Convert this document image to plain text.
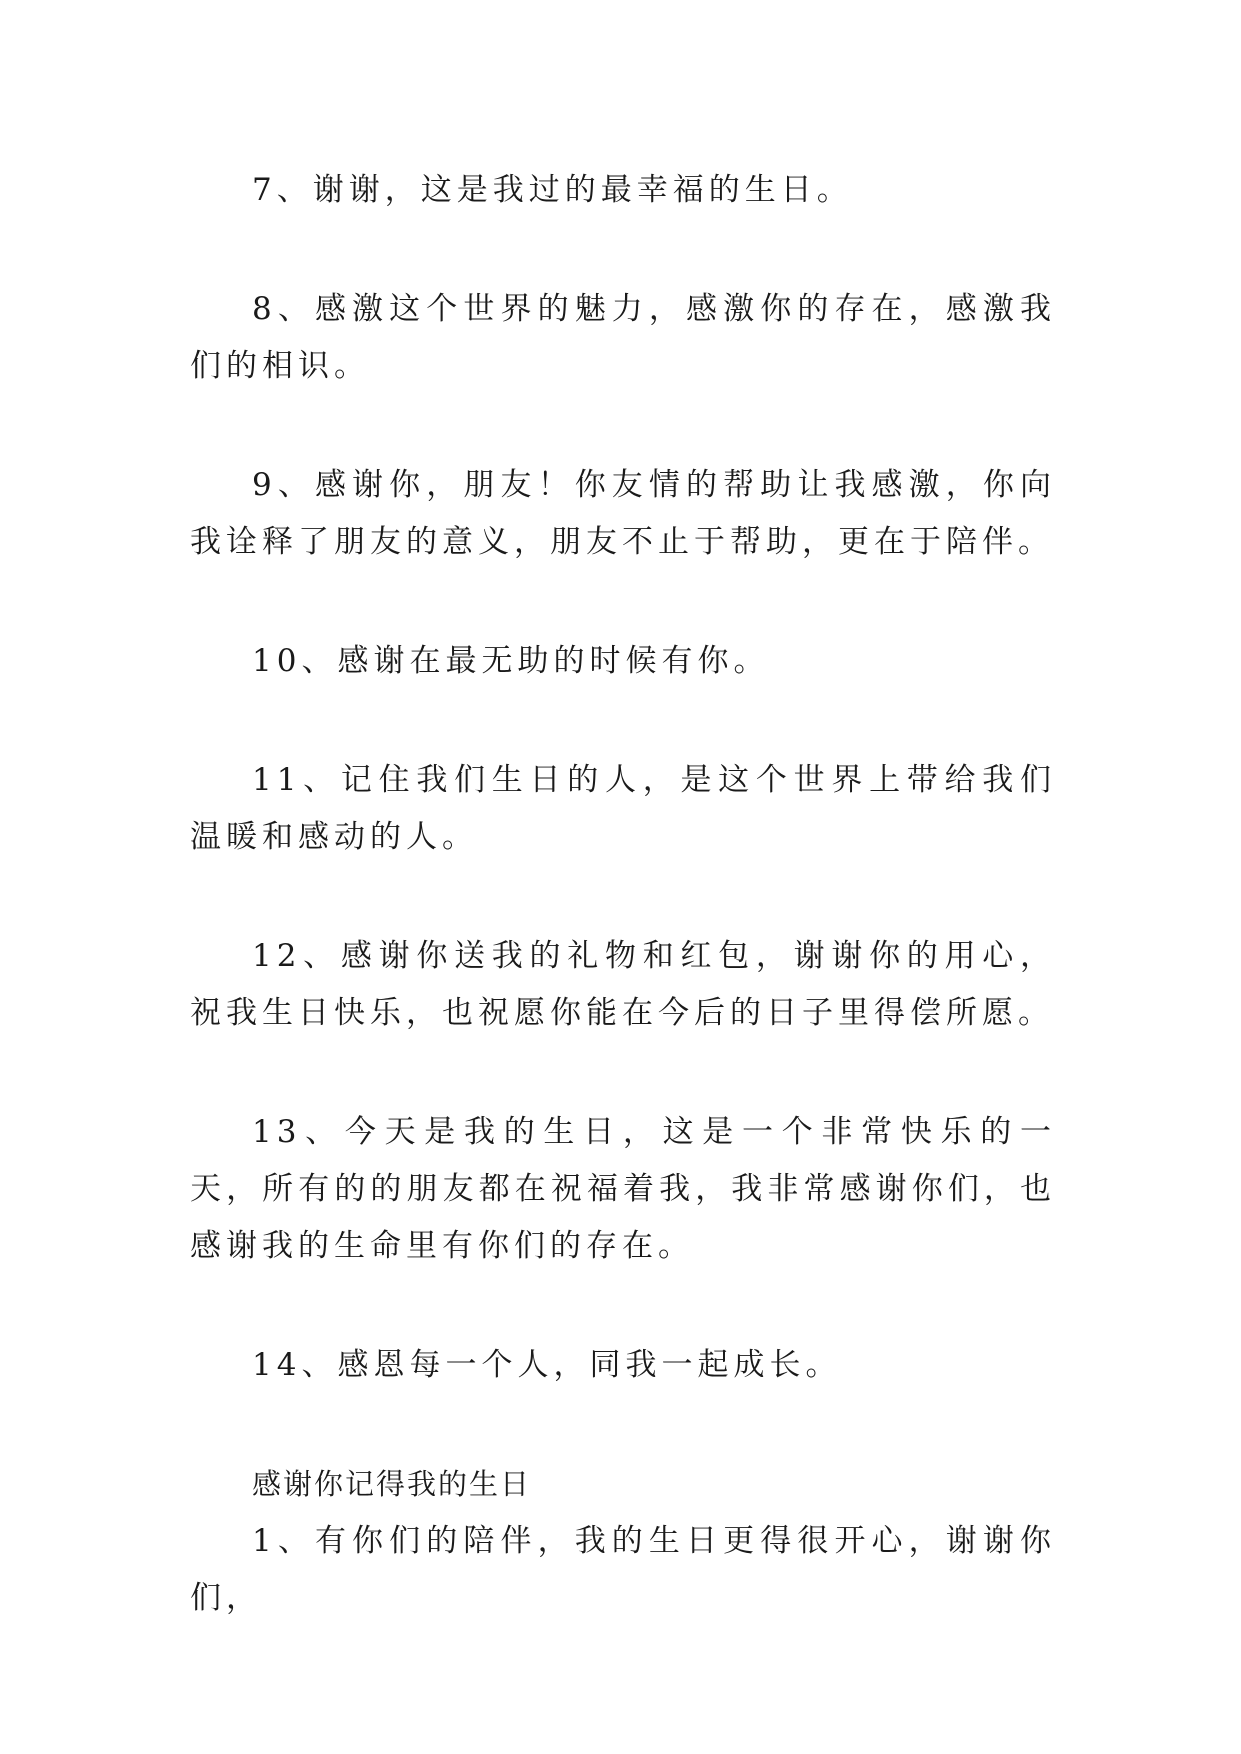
7、谢谢，这是我过的最幸福的生日。

8、感激这个世界的魅力，感激你的存在，感激我们的相识。

9、感谢你，朋友！你友情的帮助让我感激，你向我诠释了朋友的意义，朋友不止于帮助，更在于陪伴。

10、感谢在最无助的时候有你。

11、记住我们生日的人，是这个世界上带给我们温暖和感动的人。

12、感谢你送我的礼物和红包，谢谢你的用心，祝我生日快乐，也祝愿你能在今后的日子里得偿所愿。

13、今天是我的生日，这是一个非常快乐的一天，所有的的朋友都在祝福着我，我非常感谢你们，也感谢我的生命里有你们的存在。

14、感恩每一个人，同我一起成长。

感谢你记得我的生日

1、有你们的陪伴，我的生日更得很开心，谢谢你们，
